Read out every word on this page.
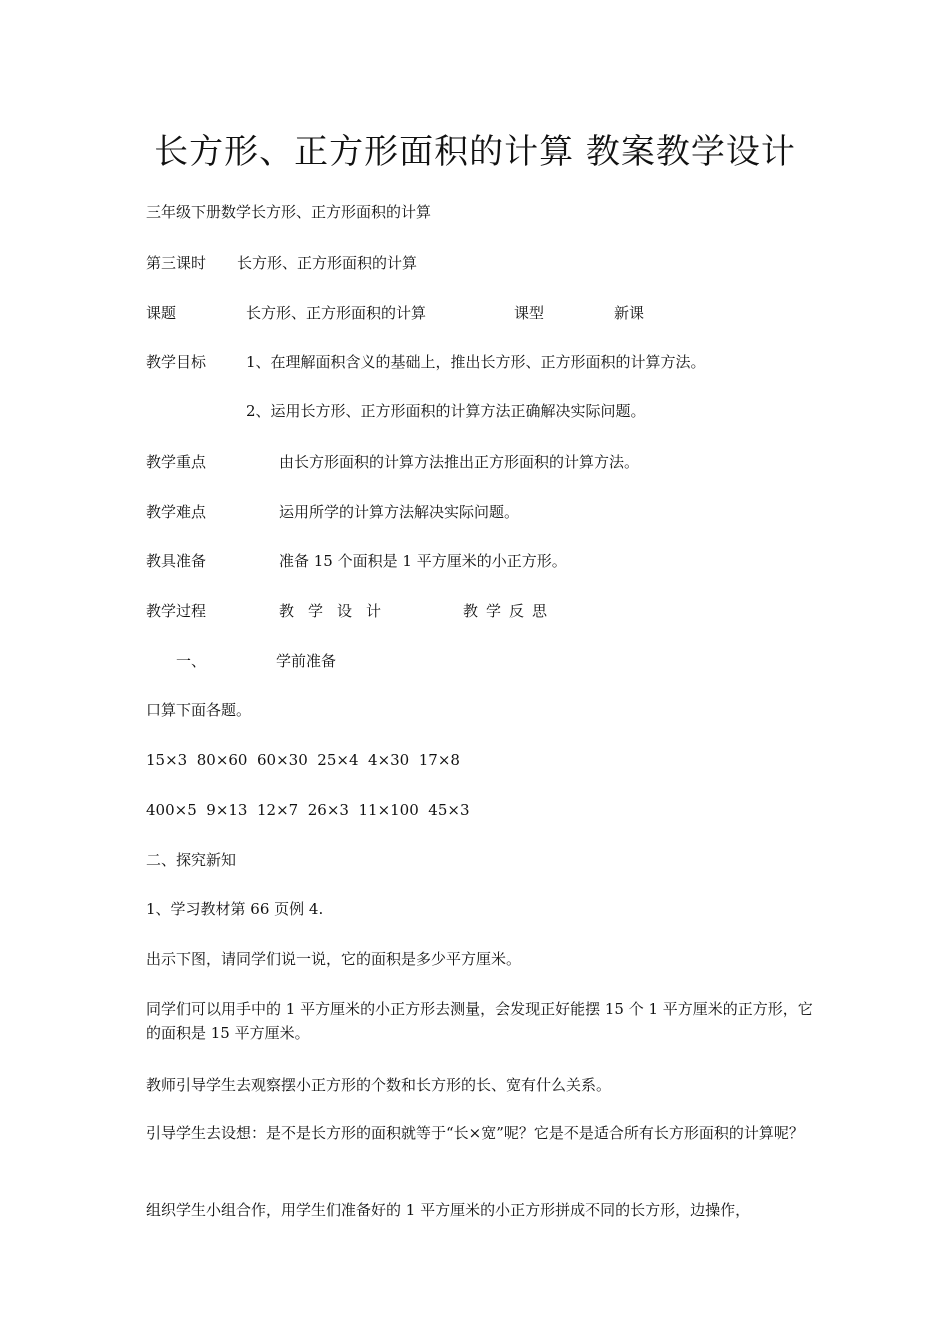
长方形、正方形面积的计算 教案教学设计
三年级下册数学长方形、正方形面积的计算
第三课时 长方形、正方形面积的计算
课题	长方形、正方形面积的计算	课型	新课
教学目标	1、在理解面积含义的基础上，推出长方形、正方形面积的计算方法。
2、运用长方形、正方形面积的计算方法正确解决实际问题。
教学重点	由长方形面积的计算方法推出正方形面积的计算方法。
教学难点	运用所学的计算方法解决实际问题。
教具准备	准备 15 个面积是 1 平方厘米的小正方形。
教学过程	教学设计	教学反思
一、	学前准备
口算下面各题。
15×3  80×60  60×30  25×4  4×30  17×8
400×5  9×13  12×7  26×3  11×100  45×3
二、探究新知
1、学习教材第 66 页例 4.
出示下图，请同学们说一说，它的面积是多少平方厘米。
同学们可以用手中的 1 平方厘米的小正方形去测量，会发现正好能摆 15 个 1 平方厘米的正方形，它的面积是 15 平方厘米。
教师引导学生去观察摆小正方形的个数和长方形的长、宽有什么关系。
引导学生去设想：是不是长方形的面积就等于“长×宽”呢？它是不是适合所有长方形面积的计算呢？
组织学生小组合作，用学生们准备好的 1 平方厘米的小正方形拼成不同的长方形，边操作，
